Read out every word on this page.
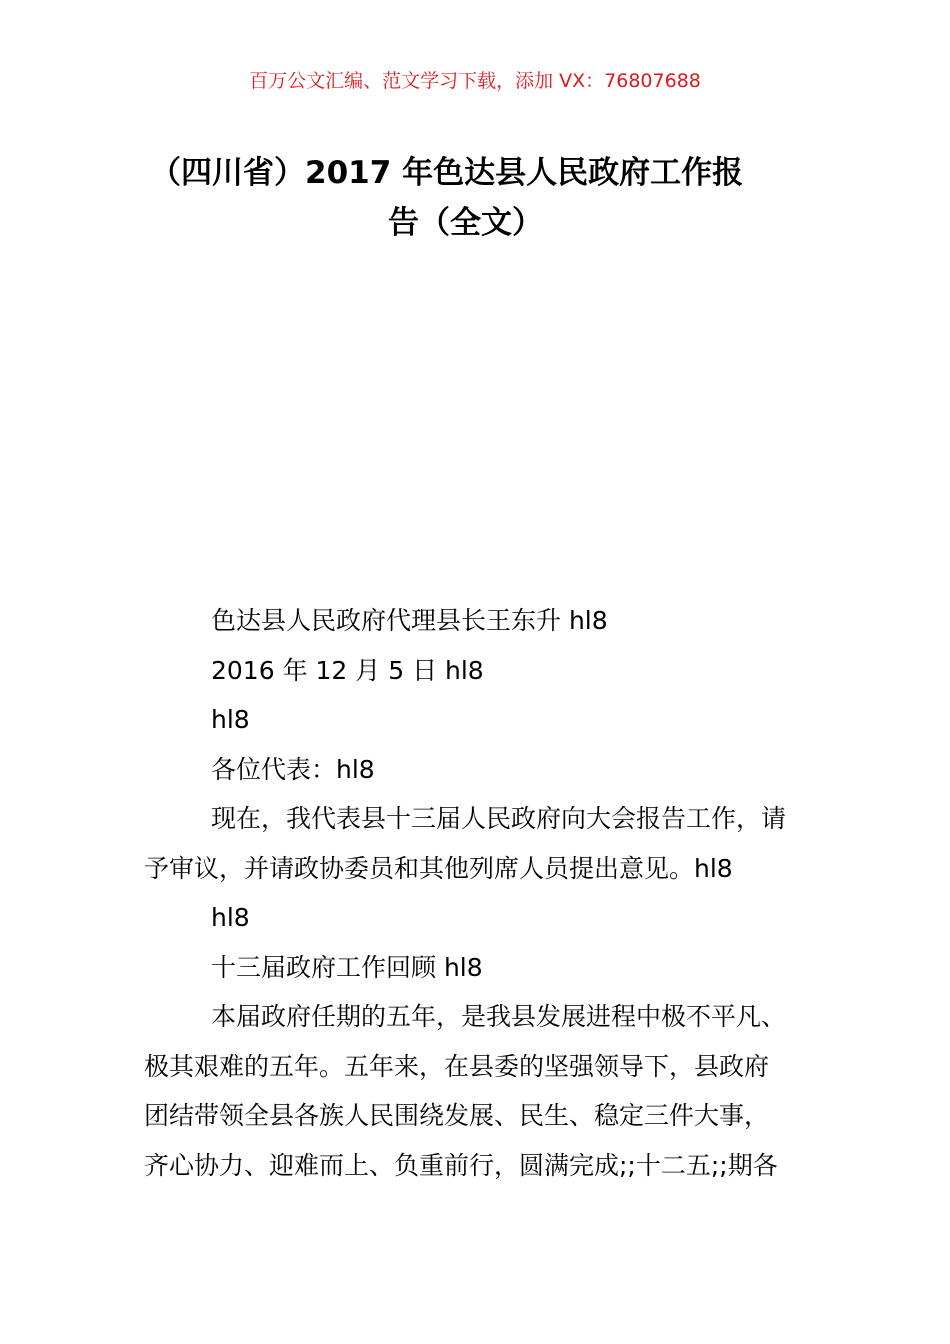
百万公文汇编、范文学习下载，添加 VX：76807688
（四川省）2017 年色达县人民政府工作报
告（全文）
色达县人民政府代理县长王东升 hl8
2016 年 12 月 5 日 hl8
hl8
各位代表：hl8
现在，我代表县十三届人民政府向大会报告工作，请
予审议，并请政协委员和其他列席人员提出意见。hl8
hl8
十三届政府工作回顾 hl8
本届政府任期的五年，是我县发展进程中极不平凡、
极其艰难的五年。五年来，在县委的坚强领导下，县政府
团结带领全县各族人民围绕发展、民生、稳定三件大事，
齐心协力、迎难而上、负重前行，圆满完成;;十二五;;期各
